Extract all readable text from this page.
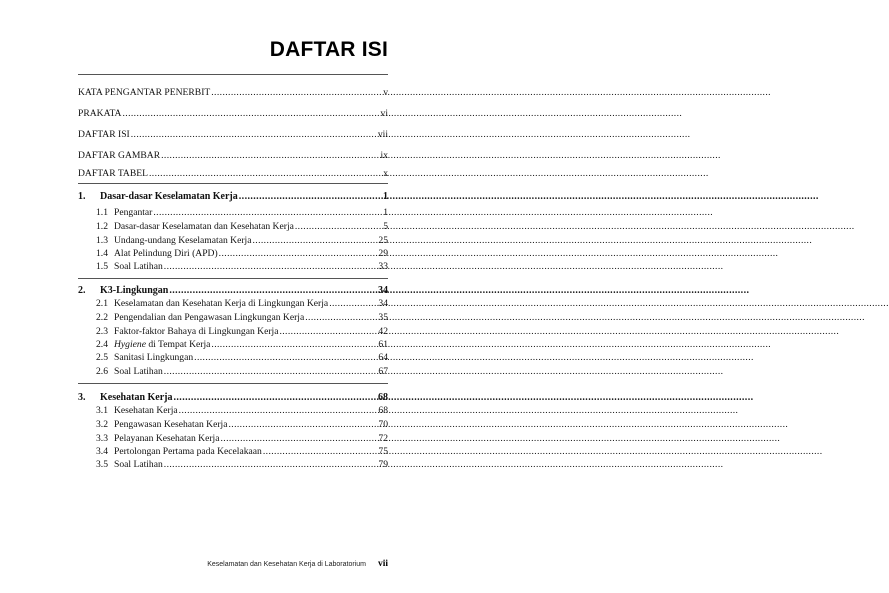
DAFTAR ISI
KATA PENGANTAR PENERBIT .....	v
PRAKATA .....	vi
DAFTAR ISI .....	vii
DAFTAR GAMBAR .....	ix
DAFTAR TABEL .....	x
1.	Dasar-dasar Keselamatan Kerja .....	1
1.1 Pengantar .....	1
1.2 Dasar-dasar Keselamatan dan Kesehatan Kerja .....	5
1.3 Undang-undang Keselamatan Kerja .....	25
1.4 Alat Pelindung Diri (APD) .....	29
1.5 Soal Latihan .....	33
2.	K3-Lingkungan .....	34
2.1 Keselamatan dan Kesehatan Kerja di Lingkungan Kerja .....	34
2.2 Pengendalian dan Pengawasan Lingkungan Kerja .....	35
2.3 Faktor-faktor Bahaya di Lingkungan Kerja .....	42
2.4 Hygiene di Tempat Kerja .....	61
2.5 Sanitasi Lingkungan .....	64
2.6 Soal Latihan .....	67
3.	Kesehatan Kerja .....	68
3.1 Kesehatan Kerja .....	68
3.2 Pengawasan Kesehatan Kerja .....	70
3.3 Pelayanan Kesehatan Kerja .....	72
3.4 Pertolongan Pertama pada Kecelakaan .....	75
3.5 Soal Latihan .....	79
Keselamatan dan Kesehatan Kerja di Laboratorium vii
